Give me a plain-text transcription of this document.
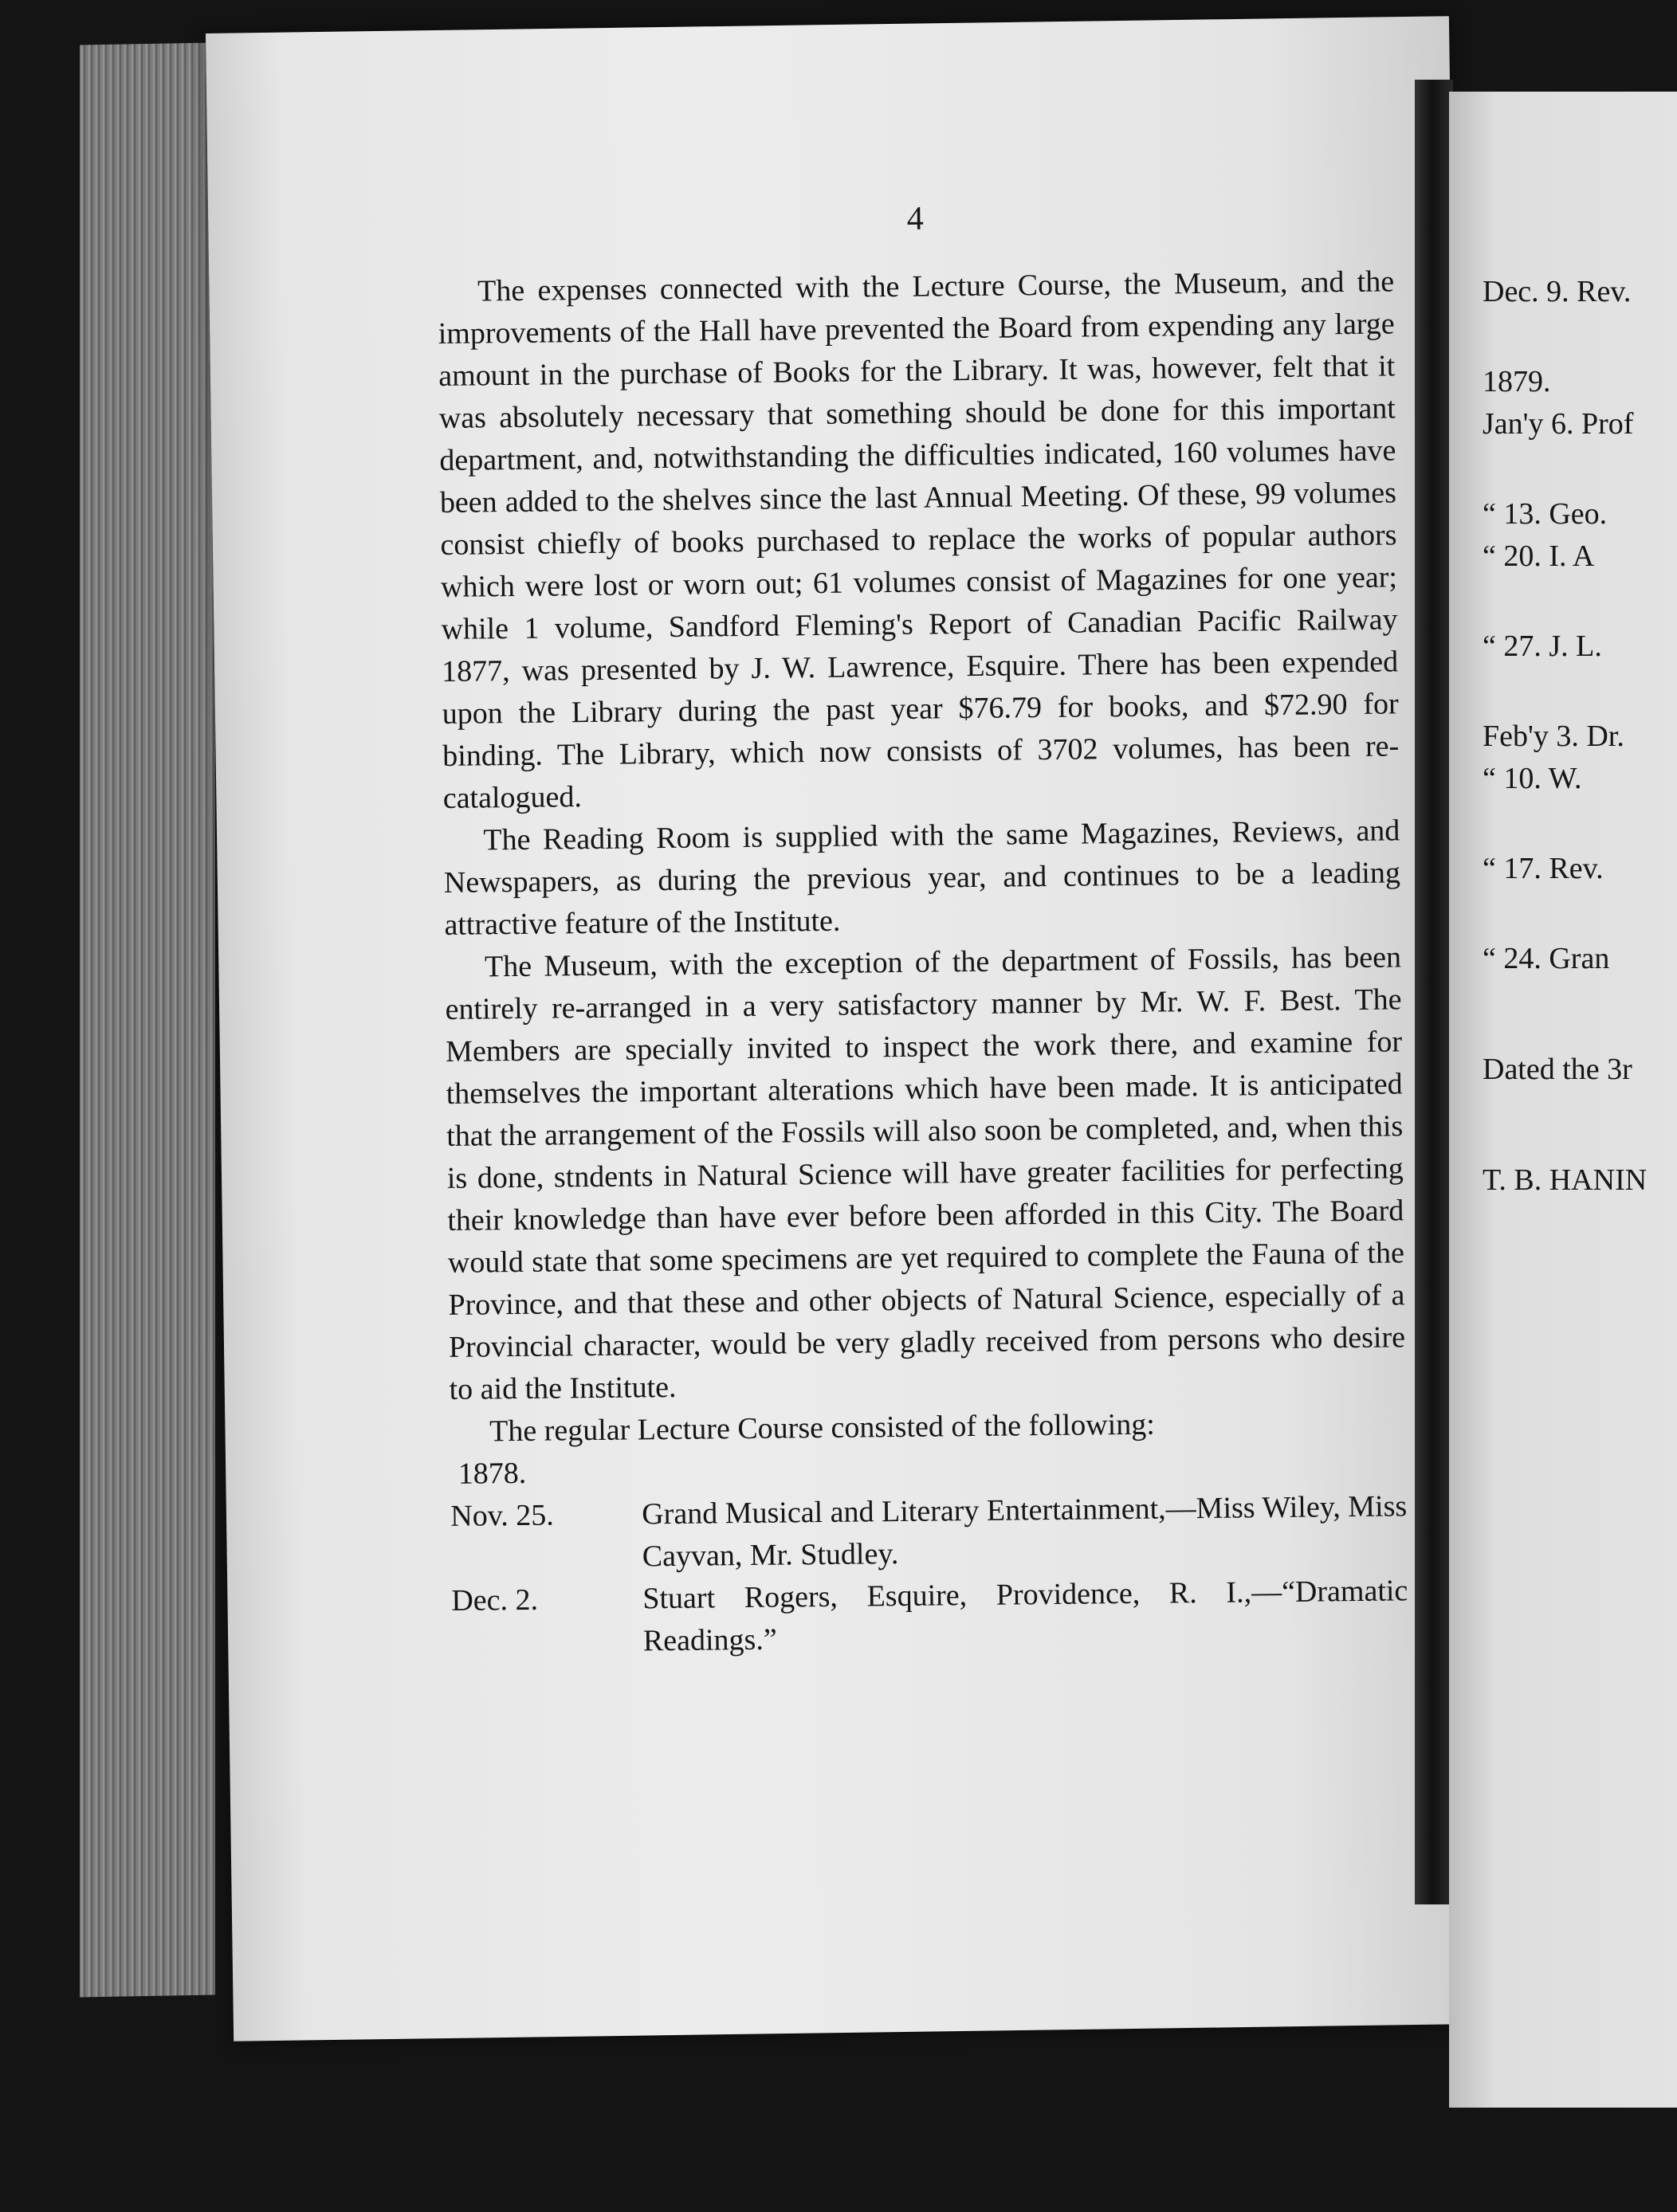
4

The expenses connected with the Lecture Course, the Museum, and the improvements of the Hall have prevented the Board from expending any large amount in the purchase of Books for the Library. It was, however, felt that it was absolutely necessary that something should be done for this important department, and, notwithstanding the difficulties indicated, 160 volumes have been added to the shelves since the last Annual Meeting. Of these, 99 volumes consist chiefly of books purchased to replace the works of popular authors which were lost or worn out; 61 volumes consist of Magazines for one year; while 1 volume, Sandford Fleming's Report of Canadian Pacific Railway 1877, was presented by J. W. Lawrence, Esquire. There has been expended upon the Library during the past year $76.79 for books, and $72.90 for binding. The Library, which now consists of 3702 volumes, has been re-catalogued.

The Reading Room is supplied with the same Magazines, Reviews, and Newspapers, as during the previous year, and continues to be a leading attractive feature of the Institute.

The Museum, with the exception of the department of Fossils, has been entirely re-arranged in a very satisfactory manner by Mr. W. F. Best. The Members are specially invited to inspect the work there, and examine for themselves the important alterations which have been made. It is anticipated that the arrangement of the Fossils will also soon be completed, and, when this is done, stndents in Natural Science will have greater facilities for perfecting their knowledge than have ever before been afforded in this City. The Board would state that some specimens are yet required to complete the Fauna of the Province, and that these and other objects of Natural Science, especially of a Provincial character, would be very gladly received from persons who desire to aid the Institute.

The regular Lecture Course consisted of the following:

1878.

Nov. 25.	Grand Musical and Literary Entertainment,—Miss Wiley, Miss Cayvan, Mr. Studley.

Dec. 2.	Stuart Rogers, Esquire, Providence, R. I.,—“Dramatic Readings.”

Dec. 9. Rev.
1879.
Jan'y 6. Prof
“ 13. Geo.
“ 20. I. A
“ 27. J. L.
Feb'y 3. Dr.
“ 10. W.
“ 17. Rev.
“ 24. Gran
Dated the 3r
T. B. HANIN
